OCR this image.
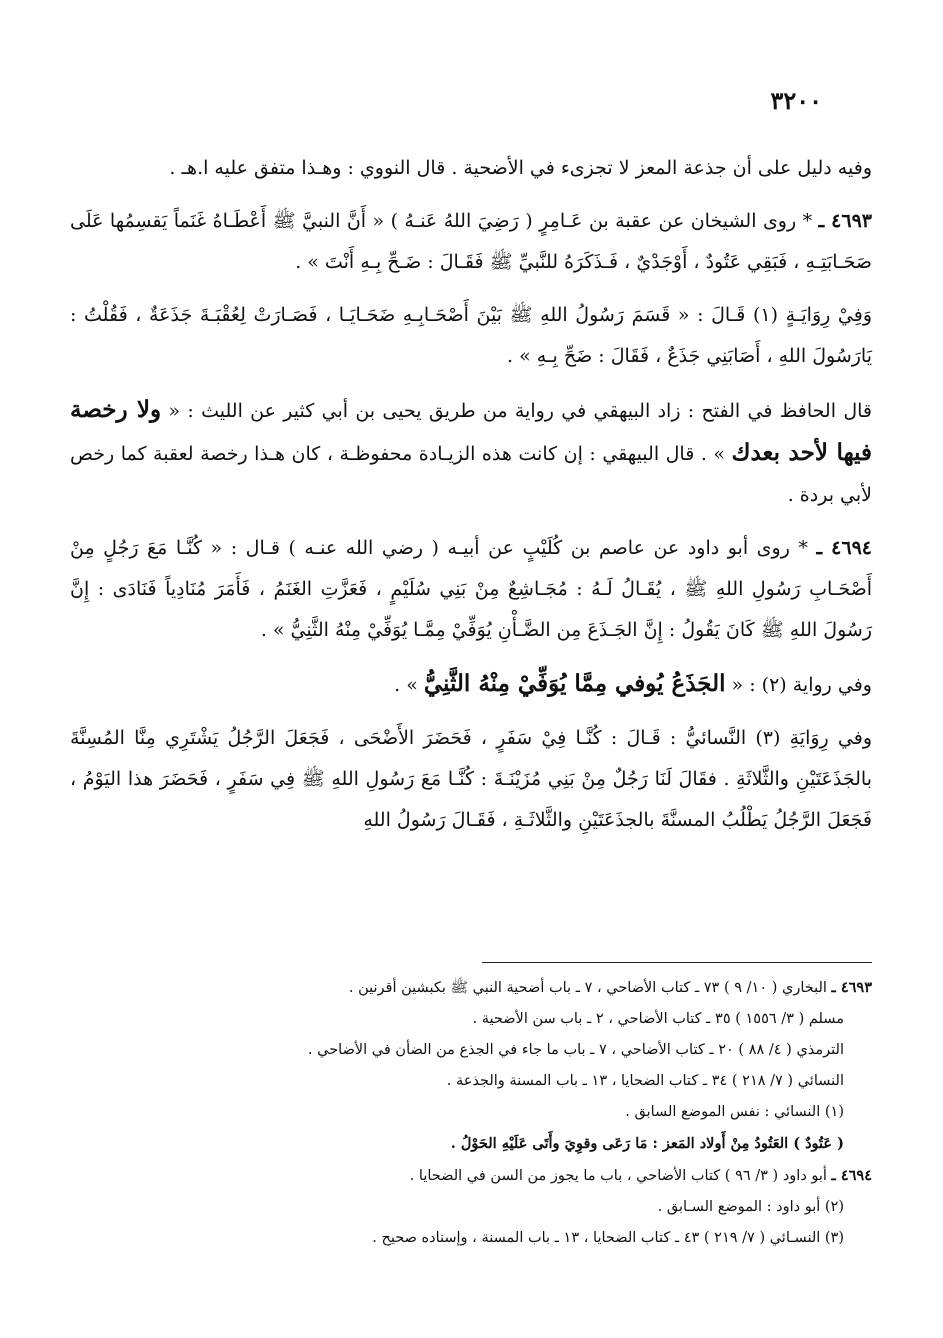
٣٢٠٠

وفيه دليل على أن جذعة المعز لا تجزىء في الأضحية . قال النووي : وهـذا متفق عليه ا.هـ .

٤٦٩٣ ـ * روى الشيخان عن عقبة بن عَـامِرٍ ( رَضِيَ اللهُ عَنـهُ ) « أَنَّ النبيَّ ﷺ أَعْطَـاهُ غَنَماً يَقسِمُها عَلَى صَحَـابَتِـهِ ، فَبَقِي عَتُودٌ ، أَوْجَدْيٌ ، فَـذَكَرَهُ للنَّبيِّ ﷺ فَقَـالَ : ضَـحِّ بِـهِ أَنْتَ » .

وَفِيْ رِوَايَـةٍ (١) قَـالَ : « قَسَمَ رَسُولُ اللهِ ﷺ بَيْنَ أَصْحَـابِـهِ ضَحَـايَـا ، فَصَـارَتْ لِعُقْبَـةَ جَذَعَةٌ ، فَقُلْتُ : يَارَسُولَ اللهِ ، أَصَابَنِي جَذَعٌ ، فَقَالَ : ضَحِّ بِـهِ » .

قال الحافظ في الفتح : زاد البيهقي في رواية من طريق يحيى بن أبي كثير عن الليث : « ولا رخصة فيها لأحد بعدك » . قال البيهقي : إن كانت هذه الزيـادة محفوظـة ، كان هـذا رخصة لعقبة كما رخص لأبي بردة .

٤٦٩٤ ـ * روى أبو داود عن عاصم بن كُلَيْبٍ عن أبيـه ( رضي الله عنـه ) قـال : « كُنَّـا مَعَ رَجُلٍ مِنْ أَصْحَـابِ رَسُولِ اللهِ ﷺ ، يُقَـالُ لَـهُ : مُجَـاشِعٌ مِنْ بَنِي سُلَيْمٍ ، فَعَزَّتِ الغَنَمُ ، فَأَمَرَ مُنَادِياً فَنَادَى : إِنَّ رَسُولَ اللهِ ﷺ كَانَ يَقُولُ : إِنَّ الجَـذَعَ مِن الضَّـأْنِ يُوَفِّيْ مِمَّـا يُوَفِّيْ مِنْهُ الثَّنِيُّ » .

وفي رواية (٢) : « الجَذَعُ يُوفي مِمَّا يُوَفِّيْ مِنْهُ الثَّنِيُّ » .

وفي رِوَايَةِ (٣) النَّسائيُّ : قَـالَ : كُنَّـا فِيْ سَفَرٍ ، فَحَضَرَ الأَضْحَى ، فَجَعَلَ الرَّجُلُ يَشْتَرِي مِنَّا المُسِنَّةَ بالجَذَعَتَيْنِ والثَّلاثَةِ . فقَالَ لَنَا رَجُلٌ مِنْ بَنِي مُزَيْنَـةَ : كُنَّـا مَعَ رَسُولِ اللهِ ﷺ فِي سَفَرٍ ، فَحَضَرَ هذا اليَوْمُ ، فَجَعَلَ الرَّجُلُ يَطْلُبُ المسنَّةَ بالجذَعَتَيْنِ والثَّلاثَـةِ ، فَقَـالَ رَسُولُ اللهِ

٤٦٩٣ ـ البخاري ( ١٠/ ٩ ) ٧٣ ـ كتاب الأضاحي ، ٧ ـ باب أضحية النبي ﷺ بكبشين أقرنين .

مسلم ( ٣/ ١٥٥٦ ) ٣٥ ـ كتاب الأضاحي ، ٢ ـ باب سن الأضحية .

الترمذي ( ٤/ ٨٨ ) ٢٠ ـ كتاب الأضاحي ، ٧ ـ باب ما جاء في الجذع من الضأن في الأضاحي .

النسائي ( ٧/ ٢١٨ ) ٣٤ ـ كتاب الضحايا ، ١٣ ـ باب المسنة والجذعة .

(١) النسائي : نفس الموضع السابق .

( عَتُودٌ ) العَتُودُ مِنْ أَولاد المَعز : مَا رَعَى وقوِيَ وأَتَى عَلَيْهِ الحَوْلُ .

٤٦٩٤ ـ أبو داود ( ٣/ ٩٦ ) كتاب الأضاحي ، باب ما يجوز من السن في الضحايا .

(٢) أبو داود : الموضع السـابق .

(٣) النسـائي ( ٧/ ٢١٩ ) ٤٣ ـ كتاب الضحايا ، ١٣ ـ باب المسنة ، وإسناده صحيح .
